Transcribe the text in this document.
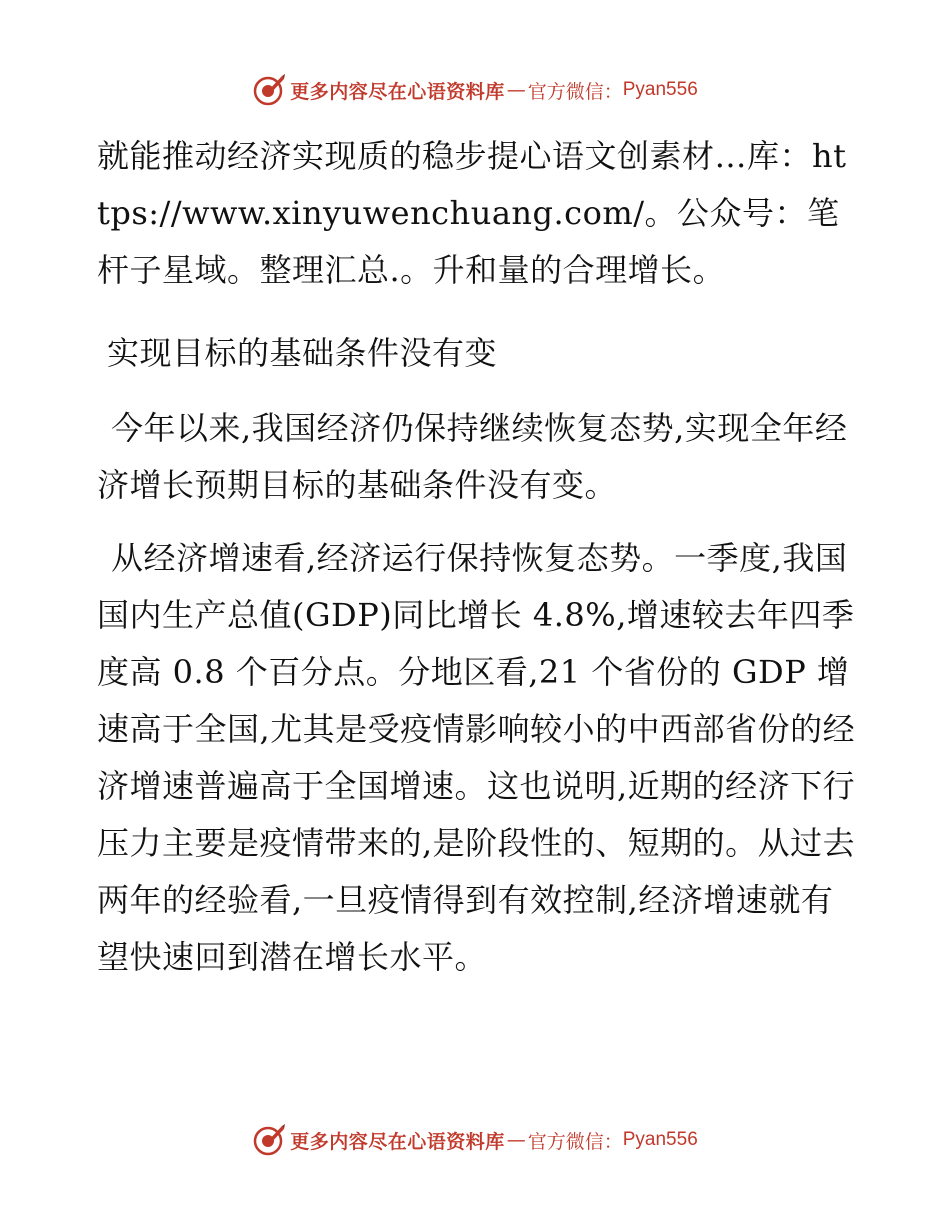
更多内容尽在心语资料库 — 官方微信： Pyan556

就能推动经济实现质的稳步提心语文创素材…库：https://www.xinyuwenchuang.com/。公众号：笔杆子星域。整理汇总.。升和量的合理增长。

实现目标的基础条件没有变

今年以来,我国经济仍保持继续恢复态势,实现全年经济增长预期目标的基础条件没有变。

从经济增速看,经济运行保持恢复态势。一季度,我国国内生产总值(GDP)同比增长 4.8%,增速较去年四季度高 0.8 个百分点。分地区看,21 个省份的 GDP 增速高于全国,尤其是受疫情影响较小的中西部省份的经济增速普遍高于全国增速。这也说明,近期的经济下行压力主要是疫情带来的,是阶段性的、短期的。从过去两年的经验看,一旦疫情得到有效控制,经济增速就有望快速回到潜在增长水平。

更多内容尽在心语资料库 — 官方微信： Pyan556
